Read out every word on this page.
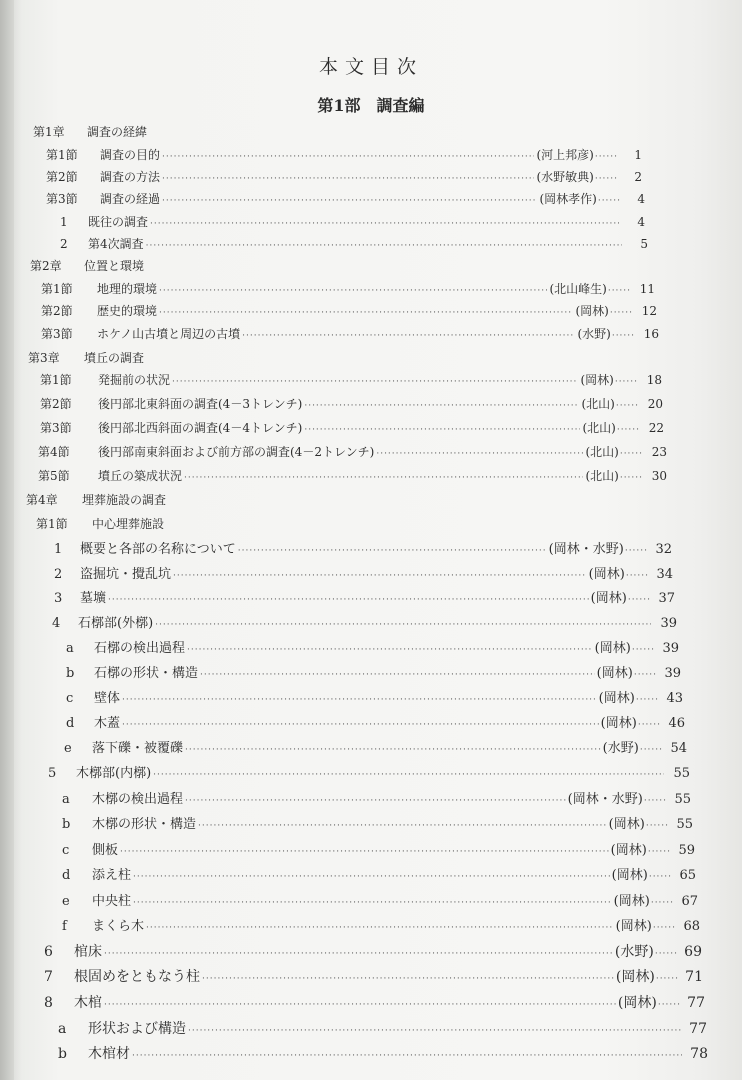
本文目次
第1部　調査編
第1章	調査の経緯
第1節	調査の目的 ·····	(河上邦彦) ······	1
第2節	調査の方法 ·····	(水野敏典) ······	2
第3節	調査の経過 ·····	(岡林孝作) ······	4
1	既往の調査 ·····	4
2	第4次調査 ·····	5
第2章	位置と環境
第1節	地理的環境 ·····	(北山峰生) ······ 11
第2節	歴史的環境 ·····	(岡林) ······ 12
第3節	ホケノ山古墳と周辺の古墳 ·····	(水野) ······ 16
第3章	墳丘の調査
第1節	発掘前の状況 ·····	(岡林) ······ 18
第2節	後円部北東斜面の調査(4－3トレンチ) ·····	(北山) ······ 20
第3節	後円部北西斜面の調査(4－4トレンチ) ·····	(北山) ······ 22
第4節	後円部南東斜面および前方部の調査(4－2トレンチ) ·····	(北山) ······ 23
第5節	墳丘の築成状況 ·····	(北山) ······ 30
第4章	埋葬施設の調査
第1節	中心埋葬施設
1	概要と各部の名称について ·····	(岡林・水野) ······ 32
2	盗掘坑・攪乱坑 ·····	(岡林) ······ 34
3	墓壙 ·····	(岡林) ······ 37
4	石槨部(外槨) ·····	39
a	石槨の検出過程 ·····	(岡林) ······ 39
b	石槨の形状・構造 ·····	(岡林) ······ 39
c	壁体 ·····	(岡林) ······ 43
d	木蓋 ·····	(岡林) ······ 46
e	落下礫・被覆礫 ·····	(水野) ······ 54
5	木槨部(内槨) ·····	55
a	木槨の検出過程 ·····	(岡林・水野) ······ 55
b	木槨の形状・構造 ·····	(岡林) ······ 55
c	側板 ·····	(岡林) ······ 59
d	添え柱 ·····	(岡林) ······ 65
e	中央柱 ·····	(岡林) ······ 67
f	まくら木 ·····	(岡林) ······ 68
6	棺床 ·····	(水野) ······ 69
7	根固めをともなう柱 ·····	(岡林) ······ 71
8	木棺 ·····	(岡林) ······ 77
a	形状および構造 ·····	77
b	木棺材 ·····	78
